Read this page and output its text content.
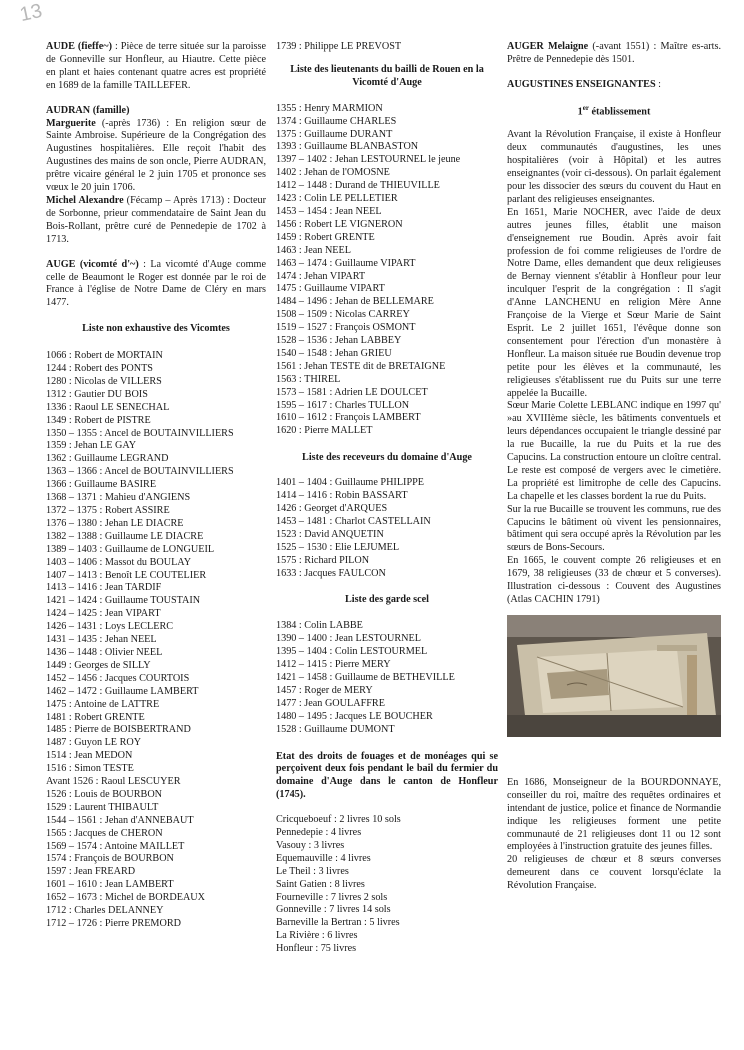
13

AUDE (fieffe~) : Pièce de terre située sur la paroisse de Gonneville sur Honfleur, au Hiautre. Cette pièce en plant et haies contenant quatre acres est propriété en 1689 de la famille TAILLEFER.

AUDRAN (famille)

Marguerite (-après 1736) : En religion sœur de Sainte Ambroise. Supérieure de la Congrégation des Augustines hospitalières. Elle reçoit l'habit des Augustines des mains de son oncle, Pierre AUDRAN, prêtre vicaire général le 2 juin 1705 et prononce ses vœux le 20 juin 1706.

Michel Alexandre (Fécamp – Après 1713) : Docteur de Sorbonne, prieur commendataire de Saint Jean du Bois-Rollant, prêtre curé de Pennedepie de 1702 à 1713.

AUGE (vicomté d'~) : La vicomté d'Auge comme celle de Beaumont le Roger est donnée par le roi de France à l'église de Notre Dame de Cléry en mars 1477.

Liste non exhaustive des Vicomtes
1066 : Robert de MORTAIN
1244 : Robert des PONTS
1280 : Nicolas de VILLERS
1312 : Gautier DU BOIS
1336 : Raoul LE SENECHAL
1349 : Robert de PISTRE
1350 – 1355 : Ancel de BOUTAINVILLIERS
1359 : Jehan LE GAY
1362 : Guillaume LEGRAND
1363 – 1366 : Ancel de BOUTAINVILLIERS
1366 : Guillaume BASIRE
1368 – 1371 : Mahieu d'ANGIENS
1372 – 1375 : Robert ASSIRE
1376 – 1380 : Jehan LE DIACRE
1382 – 1388 : Guillaume LE DIACRE
1389 – 1403 : Guillaume de LONGUEIL
1403 – 1406 : Massot du BOULAY
1407 – 1413 : Benoît LE COUTELIER
1413 – 1416 : Jean TARDIF
1421 – 1424 : Guillaume TOUSTAIN
1424 – 1425 : Jean VIPART
1426 – 1431 : Loys LECLERC
1431 – 1435 : Jehan NEEL
1436 – 1448 : Olivier NEEL
1449 : Georges de SILLY
1452 – 1456 : Jacques COURTOIS
1462 – 1472 : Guillaume LAMBERT
1475 : Antoine de LATTRE
1481 : Robert GRENTE
1485 : Pierre de BOISBERTRAND
1487 : Guyon LE ROY
1514 : Jean MEDON
1516 : Simon TESTE
Avant 1526 : Raoul LESCUYER
1526 : Louis de BOURBON
1529 : Laurent THIBAULT
1544 – 1561 : Jehan d'ANNEBAUT
1565 : Jacques de CHERON
1569 – 1574 : Antoine MAILLET
1574 : François de BOURBON
1597 : Jean FREARD
1601 – 1610 : Jean LAMBERT
1652 – 1673 : Michel de BORDEAUX
1712 : Charles DELANNEY
1712 – 1726 : Pierre PREMORD
1739 : Philippe LE PREVOST
Liste des lieutenants du bailli de Rouen en la Vicomté d'Auge
1355 : Henry MARMION
1374 : Guillaume CHARLES
1375 : Guillaume DURANT
1393 : Guillaume BLANBASTON
1397 – 1402 : Jehan LESTOURNEL le jeune
1402 : Jehan de l'OMOSNE
1412 – 1448 : Durand de THIEUVILLE
1423 : Colin LE PELLETIER
1453 – 1454 : Jean NEEL
1456 : Robert LE VIGNERON
1459 : Robert GRENTE
1463 : Jean NEEL
1463 – 1474 : Guillaume VIPART
1474 : Jehan VIPART
1475 : Guillaume VIPART
1484 – 1496 : Jehan de BELLEMARE
1508 – 1509 : Nicolas CARREY
1519 – 1527 : François OSMONT
1528 – 1536 : Jehan LABBEY
1540 – 1548 : Jehan GRIEU
1561 : Jehan TESTE dit de BRETAIGNE
1563 : THIREL
1573 – 1581 : Adrien LE DOULCET
1595 – 1617 : Charles TULLON
1610 – 1612 : François LAMBERT
1620 : Pierre MALLET
Liste des receveurs du domaine d'Auge
1401 – 1404 : Guillaume PHILIPPE
1414 – 1416 : Robin BASSART
1426 : Georget d'ARQUES
1453 – 1481 : Charlot CASTELLAIN
1523 : David ANQUETIN
1525 – 1530 : Elie LEJUMEL
1575 : Richard PILON
1633 : Jacques FAULCON
Liste des garde scel
1384 : Colin LABBE
1390 – 1400 : Jean LESTOURNEL
1395 – 1404 : Colin LESTOURMEL
1412 – 1415 : Pierre MERY
1421 – 1458 : Guillaume de BETHEVILLE
1457 : Roger de MERY
1477 : Jean GOULAFFRE
1480 – 1495 : Jacques LE BOUCHER
1528 : Guillaume DUMONT

Etat des droits de fouages et de monéages qui se perçoivent deux fois pendant le bail du fermier du domaine d'Auge dans le canton de Honfleur (1745).

Cricqueboeuf : 2 livres 10 sols
Pennedepie : 4 livres
Vasouy : 3 livres
Equemauville : 4 livres
Le Theil : 3 livres
Saint Gatien : 8 livres
Fourneville : 7 livres 2 sols
Gonneville : 7 livres 14 sols
Barneville la Bertran : 5 livres
La Rivière : 6 livres
Honfleur : 75 livres

AUGER Melaigne (-avant 1551) : Maître es-arts. Prêtre de Pennedepie dès 1501.

AUGUSTINES ENSEIGNANTES :

1er établissement

Avant la Révolution Française, il existe à Honfleur deux communautés d'augustines, les unes hospitalières (voir à Hôpital) et les autres enseignantes (voir ci-dessous). On parlait également pour les dissocier des sœurs du couvent du Haut en parlant des religieuses enseignantes.

En 1651, Marie NOCHER, avec l'aide de deux autres jeunes filles, établit une maison d'enseignement rue Boudin. Après avoir fait profession de foi comme religieuses de l'ordre de Notre Dame, elles demandent que deux religieuses de Bernay viennent s'établir à Honfleur pour leur inculquer l'esprit de la congrégation : Il s'agit d'Anne LANCHENU en religion Mère Anne Françoise de la Vierge et Sœur Marie de Saint Esprit. Le 2 juillet 1651, l'évêque donne son consentement pour l'érection d'un monastère à Honfleur. La maison située rue Boudin devenue trop petite pour les élèves et la communauté, les religieuses s'établissent rue du Puits sur une terre appelée la Bucaille.

Sœur Marie Colette LEBLANC indique en 1997 qu' »au XVIIIème siècle, les bâtiments conventuels et leurs dépendances occupaient le triangle dessiné par la rue Bucaille, la rue du Puits et la rue des Capucins. La construction entoure un cloître central. Le reste est composé de vergers avec le cimetière. La propriété est limitrophe de celle des Capucins. La chapelle et les classes bordent la rue du Puits.

Sur la rue Bucaille se trouvent les communs, rue des Capucins le bâtiment où vivent les pensionnaires, bâtiment qui sera occupé après la Révolution par les sœurs de Bons-Secours.

En 1665, le couvent compte 26 religieuses et en 1679, 38 religieuses (33 de chœur et 5 converses). Illustration ci-dessous : Couvent des Augustines (Atlas CACHIN 1791)

En 1686, Monseigneur de la BOURDONNAYE, conseiller du roi, maître des requêtes ordinaires et intendant de justice, police et finance de Normandie indique les religieuses forment une petite communauté de 21 religieuses dont 11 ou 12 sont employées à l'instruction gratuite des jeunes filles.

20 religieuses de chœur et 8 sœurs converses demeurent dans ce couvent lorsqu'éclate la Révolution Française.
